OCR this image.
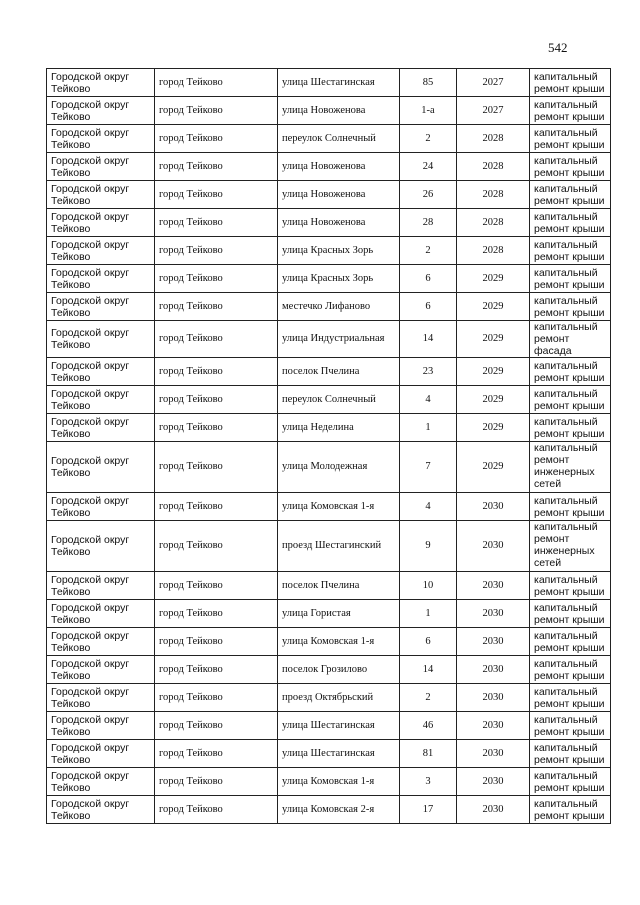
542
Городской округ Тейково	город Тейково	улица Шестагинская	85	2027	капитальный ремонт крыши
Городской округ Тейково	город Тейково	улица Новоженова	1-а	2027	капитальный ремонт крыши
Городской округ Тейково	город Тейково	переулок Солнечный	2	2028	капитальный ремонт крыши
Городской округ Тейково	город Тейково	улица Новоженова	24	2028	капитальный ремонт крыши
Городской округ Тейково	город Тейково	улица Новоженова	26	2028	капитальный ремонт крыши
Городской округ Тейково	город Тейково	улица Новоженова	28	2028	капитальный ремонт крыши
Городской округ Тейково	город Тейково	улица Красных Зорь	2	2028	капитальный ремонт крыши
Городской округ Тейково	город Тейково	улица Красных Зорь	6	2029	капитальный ремонт крыши
Городской округ Тейково	город Тейково	местечко Лифаново	6	2029	капитальный ремонт крыши
Городской округ Тейково	город Тейково	улица Индустриальная	14	2029	капитальный ремонт фасада
Городской округ Тейково	город Тейково	поселок Пчелина	23	2029	капитальный ремонт крыши
Городской округ Тейково	город Тейково	переулок Солнечный	4	2029	капитальный ремонт крыши
Городской округ Тейково	город Тейково	улица Неделина	1	2029	капитальный ремонт крыши
Городской округ Тейково	город Тейково	улица Молодежная	7	2029	капитальный ремонт инженерных сетей
Городской округ Тейково	город Тейково	улица Комовская 1-я	4	2030	капитальный ремонт крыши
Городской округ Тейково	город Тейково	проезд Шестагинский	9	2030	капитальный ремонт инженерных сетей
Городской округ Тейково	город Тейково	поселок Пчелина	10	2030	капитальный ремонт крыши
Городской округ Тейково	город Тейково	улица Гористая	1	2030	капитальный ремонт крыши
Городской округ Тейково	город Тейково	улица Комовская 1-я	6	2030	капитальный ремонт крыши
Городской округ Тейково	город Тейково	поселок Грозилово	14	2030	капитальный ремонт крыши
Городской округ Тейково	город Тейково	проезд Октябрьский	2	2030	капитальный ремонт крыши
Городской округ Тейково	город Тейково	улица Шестагинская	46	2030	капитальный ремонт крыши
Городской округ Тейково	город Тейково	улица Шестагинская	81	2030	капитальный ремонт крыши
Городской округ Тейково	город Тейково	улица Комовская 1-я	3	2030	капитальный ремонт крыши
Городской округ Тейково	город Тейково	улица Комовская 2-я	17	2030	капитальный ремонт крыши
